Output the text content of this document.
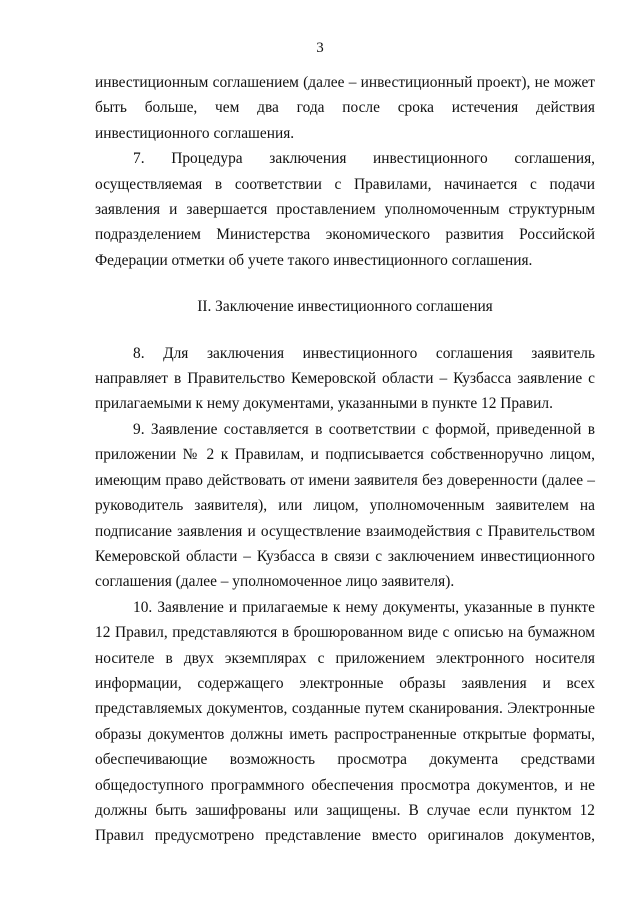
3

инвестиционным соглашением (далее – инвестиционный проект), не может быть больше, чем два года после срока истечения действия инвестиционного соглашения.

7. Процедура заключения инвестиционного соглашения, осуществляемая в соответствии с Правилами, начинается с подачи заявления и завершается проставлением уполномоченным структурным подразделением Министерства экономического развития Российской Федерации отметки об учете такого инвестиционного соглашения.

II. Заключение инвестиционного соглашения

8. Для заключения инвестиционного соглашения заявитель направляет в Правительство Кемеровской области – Кузбасса заявление с прилагаемыми к нему документами, указанными в пункте 12 Правил.

9. Заявление составляется в соответствии с формой, приведенной в приложении № 2 к Правилам, и подписывается собственноручно лицом, имеющим право действовать от имени заявителя без доверенности (далее – руководитель заявителя), или лицом, уполномоченным заявителем на подписание заявления и осуществление взаимодействия с Правительством Кемеровской области – Кузбасса в связи с заключением инвестиционного соглашения (далее – уполномоченное лицо заявителя).

10. Заявление и прилагаемые к нему документы, указанные в пункте 12 Правил, представляются в брошюрованном виде с описью на бумажном носителе в двух экземплярах с приложением электронного носителя информации, содержащего электронные образы заявления и всех представляемых документов, созданные путем сканирования. Электронные образы документов должны иметь распространенные открытые форматы, обеспечивающие возможность просмотра документа средствами общедоступного программного обеспечения просмотра документов, и не должны быть зашифрованы или защищены. В случае если пунктом 12 Правил предусмотрено представление вместо оригиналов документов,
